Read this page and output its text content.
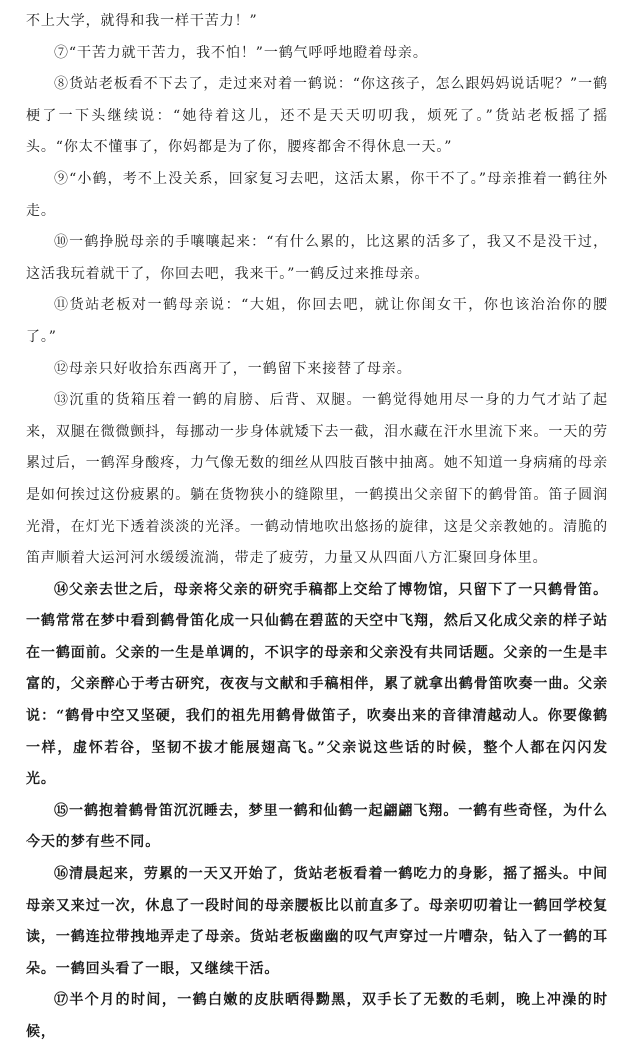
不上大学，就得和我一样干苦力！”

⑦“干苦力就干苦力，我不怕！”一鹤气呼呼地瞪着母亲。

⑧货站老板看不下去了，走过来对着一鹤说：“你这孩子，怎么跟妈妈说话呢？”一鹤梗了一下头继续说：“她待着这儿，还不是天天叨叨我，烦死了。”货站老板摇了摇头。“你太不懂事了，你妈都是为了你，腰疼都舍不得休息一天。”

⑨“小鹤，考不上没关系，回家复习去吧，这活太累，你干不了。”母亲推着一鹤往外走。

⑩一鹤挣脱母亲的手嚷嚷起来：“有什么累的，比这累的活多了，我又不是没干过，这活我玩着就干了，你回去吧，我来干。”一鹤反过来推母亲。

⑪货站老板对一鹤母亲说：“大姐，你回去吧，就让你闺女干，你也该治治你的腰了。”

⑫母亲只好收拾东西离开了，一鹤留下来接替了母亲。

⑬沉重的货箱压着一鹤的肩膀、后背、双腿。一鹤觉得她用尽一身的力气才站了起来，双腿在微微颤抖，每挪动一步身体就矮下去一截，泪水藏在汗水里流下来。一天的劳累过后，一鹤浑身酸疼，力气像无数的细丝从四肢百骸中抽离。她不知道一身病痛的母亲是如何挨过这份疲累的。躺在货物狭小的缝隙里，一鹤摸出父亲留下的鹤骨笛。笛子圆润光滑，在灯光下透着淡淡的光泽。一鹤动情地吹出悠扬的旋律，这是父亲教她的。清脆的笛声顺着大运河河水缓缓流淌，带走了疲劳，力量又从四面八方汇聚回身体里。

⑭父亲去世之后，母亲将父亲的研究手稿都上交给了博物馆，只留下了一只鹤骨笛。一鹤常常在梦中看到鹤骨笛化成一只仙鹤在碧蓝的天空中飞翔，然后又化成父亲的样子站在一鹤面前。父亲的一生是单调的，不识字的母亲和父亲没有共同话题。父亲的一生是丰富的，父亲醉心于考古研究，夜夜与文献和手稿相伴，累了就拿出鹤骨笛吹奏一曲。父亲说：“鹤骨中空又坚硬，我们的祖先用鹤骨做笛子，吹奏出来的音律清越动人。你要像鹤一样，虚怀若谷，坚韧不拔才能展翅高飞。”父亲说这些话的时候，整个人都在闪闪发光。

⑮一鹤抱着鹤骨笛沉沉睡去，梦里一鹤和仙鹤一起翩翩飞翔。一鹤有些奇怪，为什么今天的梦有些不同。

⑯清晨起来，劳累的一天又开始了，货站老板看着一鹤吃力的身影，摇了摇头。中间母亲又来过一次，休息了一段时间的母亲腰板比以前直多了。母亲叨叨着让一鹤回学校复读，一鹤连拉带拽地弄走了母亲。货站老板幽幽的叹气声穿过一片嘈杂，钻入了一鹤的耳朵。一鹤回头看了一眼，又继续干活。

⑰半个月的时间，一鹤白嫩的皮肤晒得黝黑，双手长了无数的毛刺，晚上冲澡的时候，
